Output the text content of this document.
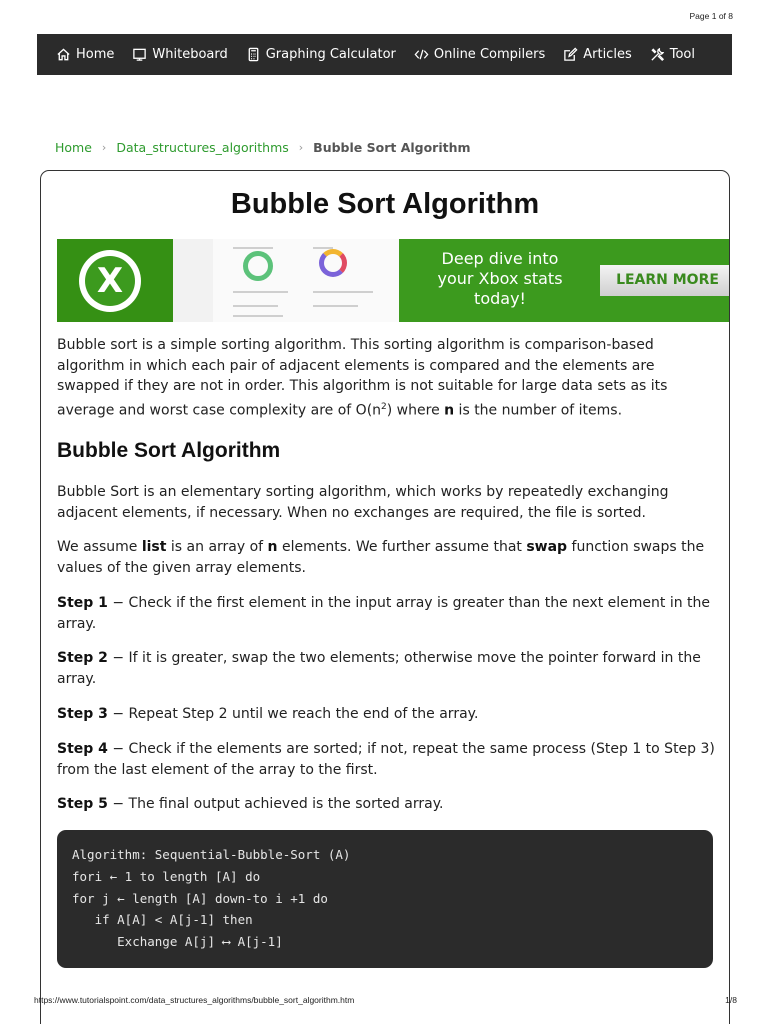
Page 1 of 8
Home	Whiteboard	Graphing Calculator	Online Compilers	Articles	Tool
Home › Data_structures_algorithms › Bubble Sort Algorithm
Bubble Sort Algorithm
X
Deep dive into
your Xbox stats
today!
LEARN MORE

Bubble sort is a simple sorting algorithm. This sorting algorithm is comparison-based algorithm in which each pair of adjacent elements is compared and the elements are swapped if they are not in order. This algorithm is not suitable for large data sets as its average and worst case complexity are of $O(n^2)$ where n is the number of items.

Bubble Sort Algorithm

Bubble Sort is an elementary sorting algorithm, which works by repeatedly exchanging adjacent elements, if necessary. When no exchanges are required, the file is sorted.

We assume list is an array of n elements. We further assume that swap function swaps the values of the given array elements.

Step 1 − Check if the first element in the input array is greater than the next element in the array.

Step 2 − If it is greater, swap the two elements; otherwise move the pointer forward in the array.

Step 3 − Repeat Step 2 until we reach the end of the array.

Step 4 − Check if the elements are sorted; if not, repeat the same process (Step 1 to Step 3) from the last element of the array to the first.

Step 5 − The final output achieved is the sorted array.

Algorithm: Sequential-Bubble-Sort (A)
fori ← 1 to length [A] do
for j ← length [A] down-to i +1 do
if A[A] < A[j-1] then
Exchange A[j] ⟷ A[j-1]
https://www.tutorialspoint.com/data_structures_algorithms/bubble_sort_algorithm.htm	1/8
